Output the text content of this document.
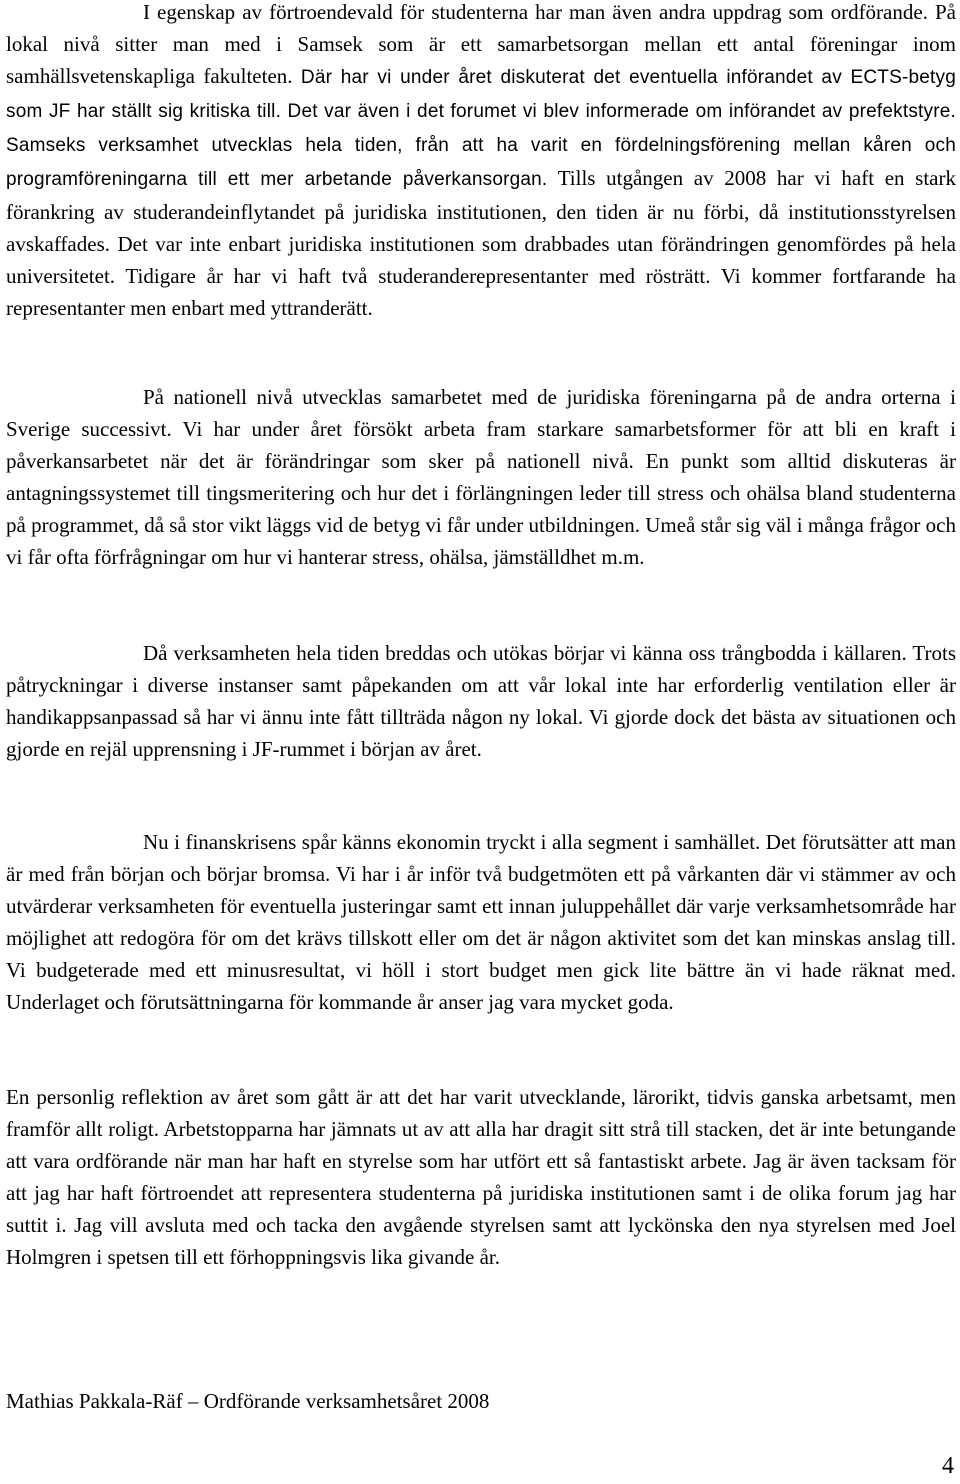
I egenskap av förtroendevald för studenterna har man även andra uppdrag som ordförande. På lokal nivå sitter man med i Samsek som är ett samarbetsorgan mellan ett antal föreningar inom samhällsvetenskapliga fakulteten. Där har vi under året diskuterat det eventuella införandet av ECTS-betyg som JF har ställt sig kritiska till. Det var även i det forumet vi blev informerade om införandet av prefektstyre. Samseks verksamhet utvecklas hela tiden, från att ha varit en fördelningsförening mellan kåren och programföreningarna till ett mer arbetande påverkansorgan. Tills utgången av 2008 har vi haft en stark förankring av studerandeinflytandet på juridiska institutionen, den tiden är nu förbi, då institutionsstyrelsen avskaffades. Det var inte enbart juridiska institutionen som drabbades utan förändringen genomfördes på hela universitetet. Tidigare år har vi haft två studeranderepresentanter med rösträtt. Vi kommer fortfarande ha representanter men enbart med yttranderätt.

På nationell nivå utvecklas samarbetet med de juridiska föreningarna på de andra orterna i Sverige successivt. Vi har under året försökt arbeta fram starkare samarbetsformer för att bli en kraft i påverkansarbetet när det är förändringar som sker på nationell nivå. En punkt som alltid diskuteras är antagningssystemet till tingsmeritering och hur det i förlängningen leder till stress och ohälsa bland studenterna på programmet, då så stor vikt läggs vid de betyg vi får under utbildningen. Umeå står sig väl i många frågor och vi får ofta förfrågningar om hur vi hanterar stress, ohälsa, jämställdhet m.m.

Då verksamheten hela tiden breddas och utökas börjar vi känna oss trångbodda i källaren. Trots påtryckningar i diverse instanser samt påpekanden om att vår lokal inte har erforderlig ventilation eller är handikappsanpassad så har vi ännu inte fått tillträda någon ny lokal. Vi gjorde dock det bästa av situationen och gjorde en rejäl upprensning i JF-rummet i början av året.

Nu i finanskrisens spår känns ekonomin tryckt i alla segment i samhället. Det förutsätter att man är med från början och börjar bromsa. Vi har i år inför två budgetmöten ett på vårkanten där vi stämmer av och utvärderar verksamheten för eventuella justeringar samt ett innan juluppehållet där varje verksamhetsområde har möjlighet att redogöra för om det krävs tillskott eller om det är någon aktivitet som det kan minskas anslag till. Vi budgeterade med ett minusresultat, vi höll i stort budget men gick lite bättre än vi hade räknat med. Underlaget och förutsättningarna för kommande år anser jag vara mycket goda.

En personlig reflektion av året som gått är att det har varit utvecklande, lärorikt, tidvis ganska arbetsamt, men framför allt roligt. Arbetstopparna har jämnats ut av att alla har dragit sitt strå till stacken, det är inte betungande att vara ordförande när man har haft en styrelse som har utfört ett så fantastiskt arbete. Jag är även tacksam för att jag har haft förtroendet att representera studenterna på juridiska institutionen samt i de olika forum jag har suttit i. Jag vill avsluta med och tacka den avgående styrelsen samt att lyckönska den nya styrelsen med Joel Holmgren i spetsen till ett förhoppningsvis lika givande år.

Mathias Pakkala-Räf – Ordförande verksamhetsåret 2008

4
